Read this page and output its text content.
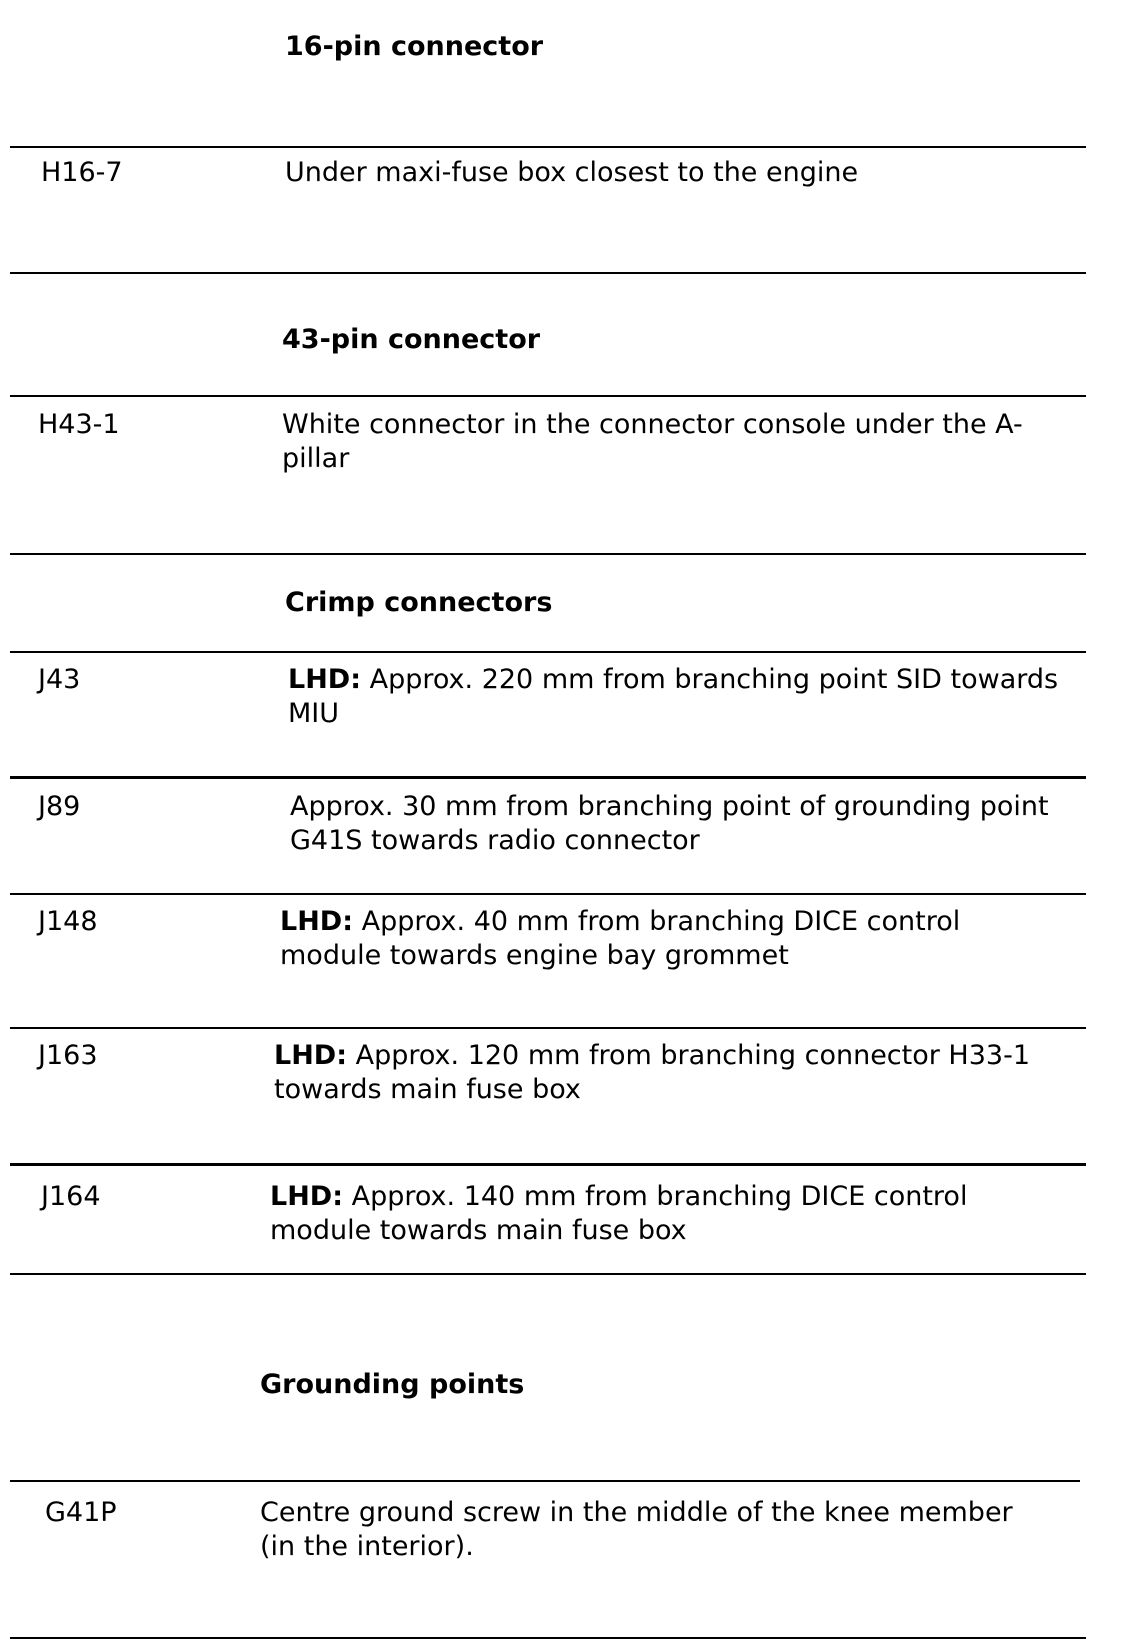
16-pin connector
H16-7	Under maxi-fuse box closest to the engine
43-pin connector
H43-1	White connector in the connector console under the A-pillar
Crimp connectors
J43	LHD: Approx. 220 mm from branching point SID towards MIU
J89	Approx. 30 mm from branching point of grounding point G41S towards radio connector
J148	LHD: Approx. 40 mm from branching DICE control module towards engine bay grommet
J163	LHD: Approx. 120 mm from branching connector H33-1 towards main fuse box
J164	LHD: Approx. 140 mm from branching DICE control module towards main fuse box
Grounding points
G41P	Centre ground screw in the middle of the knee member (in the interior).
